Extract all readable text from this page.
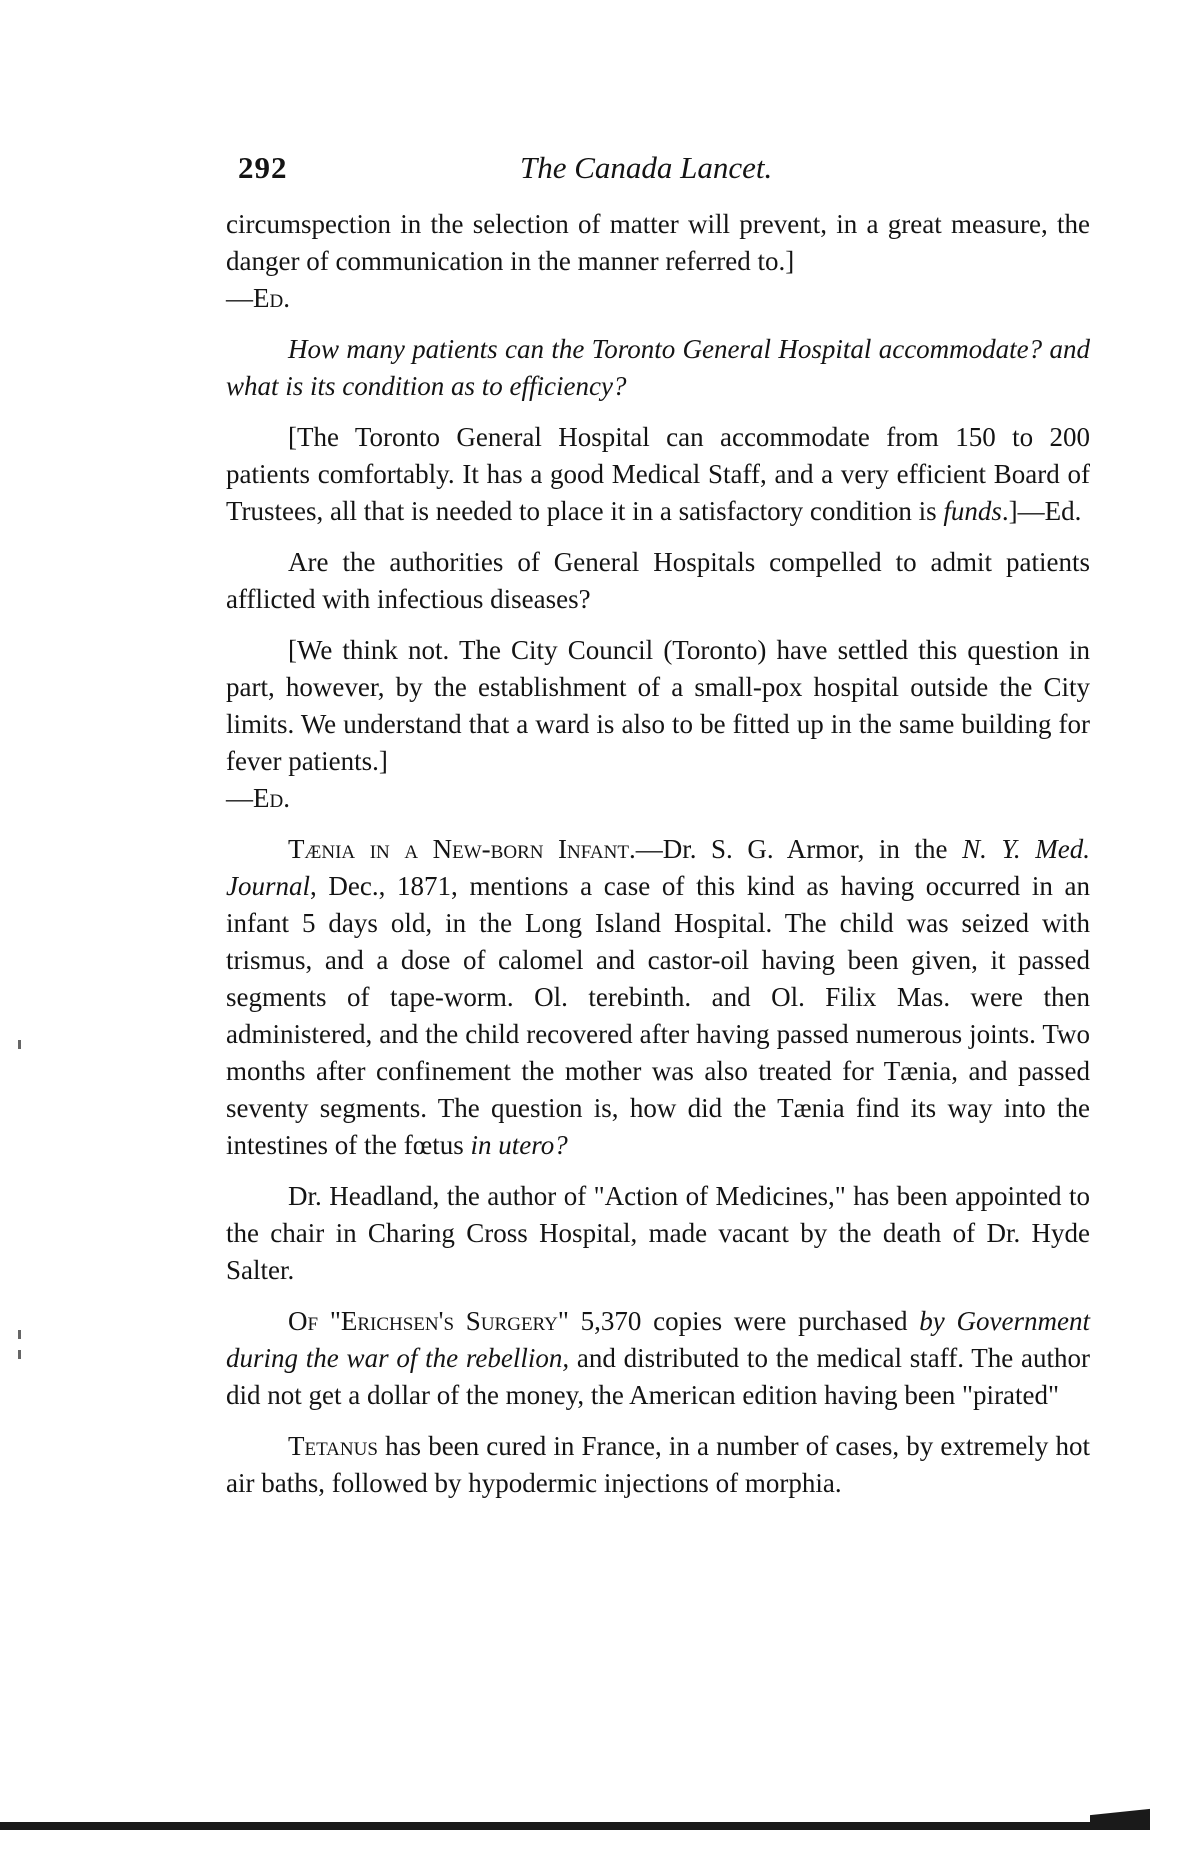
292	The Canada Lancet.

circumspection in the selection of matter will prevent, in a great measure, the danger of communication in the manner referred to.]
—Ed.

How many patients can the Toronto General Hospital accommodate? and what is its condition as to efficiency?

[The Toronto General Hospital can accommodate from 150 to 200 patients comfortably. It has a good Medical Staff, and a very efficient Board of Trustees, all that is needed to place it in a satisfactory condition is funds.]—Ed.

Are the authorities of General Hospitals compelled to admit patients afflicted with infectious diseases?

[We think not. The City Council (Toronto) have settled this question in part, however, by the establishment of a small-pox hospital outside the City limits. We understand that a ward is also to be fitted up in the same building for fever patients.]
—Ed.

Tænia in a New-born Infant.—Dr. S. G. Armor, in the N. Y. Med. Journal, Dec., 1871, mentions a case of this kind as having occurred in an infant 5 days old, in the Long Island Hospital. The child was seized with trismus, and a dose of calomel and castor-oil having been given, it passed segments of tape-worm. Ol. terebinth. and Ol. Filix Mas. were then administered, and the child recovered after having passed numerous joints. Two months after confinement the mother was also treated for Tænia, and passed seventy segments. The question is, how did the Tænia find its way into the intestines of the fœtus in utero?

Dr. Headland, the author of "Action of Medicines," has been appointed to the chair in Charing Cross Hospital, made vacant by the death of Dr. Hyde Salter.

Of "Erichsen's Surgery" 5,370 copies were purchased by Government during the war of the rebellion, and distributed to the medical staff. The author did not get a dollar of the money, the American edition having been "pirated"

Tetanus has been cured in France, in a number of cases, by extremely hot air baths, followed by hypodermic injections of morphia.
